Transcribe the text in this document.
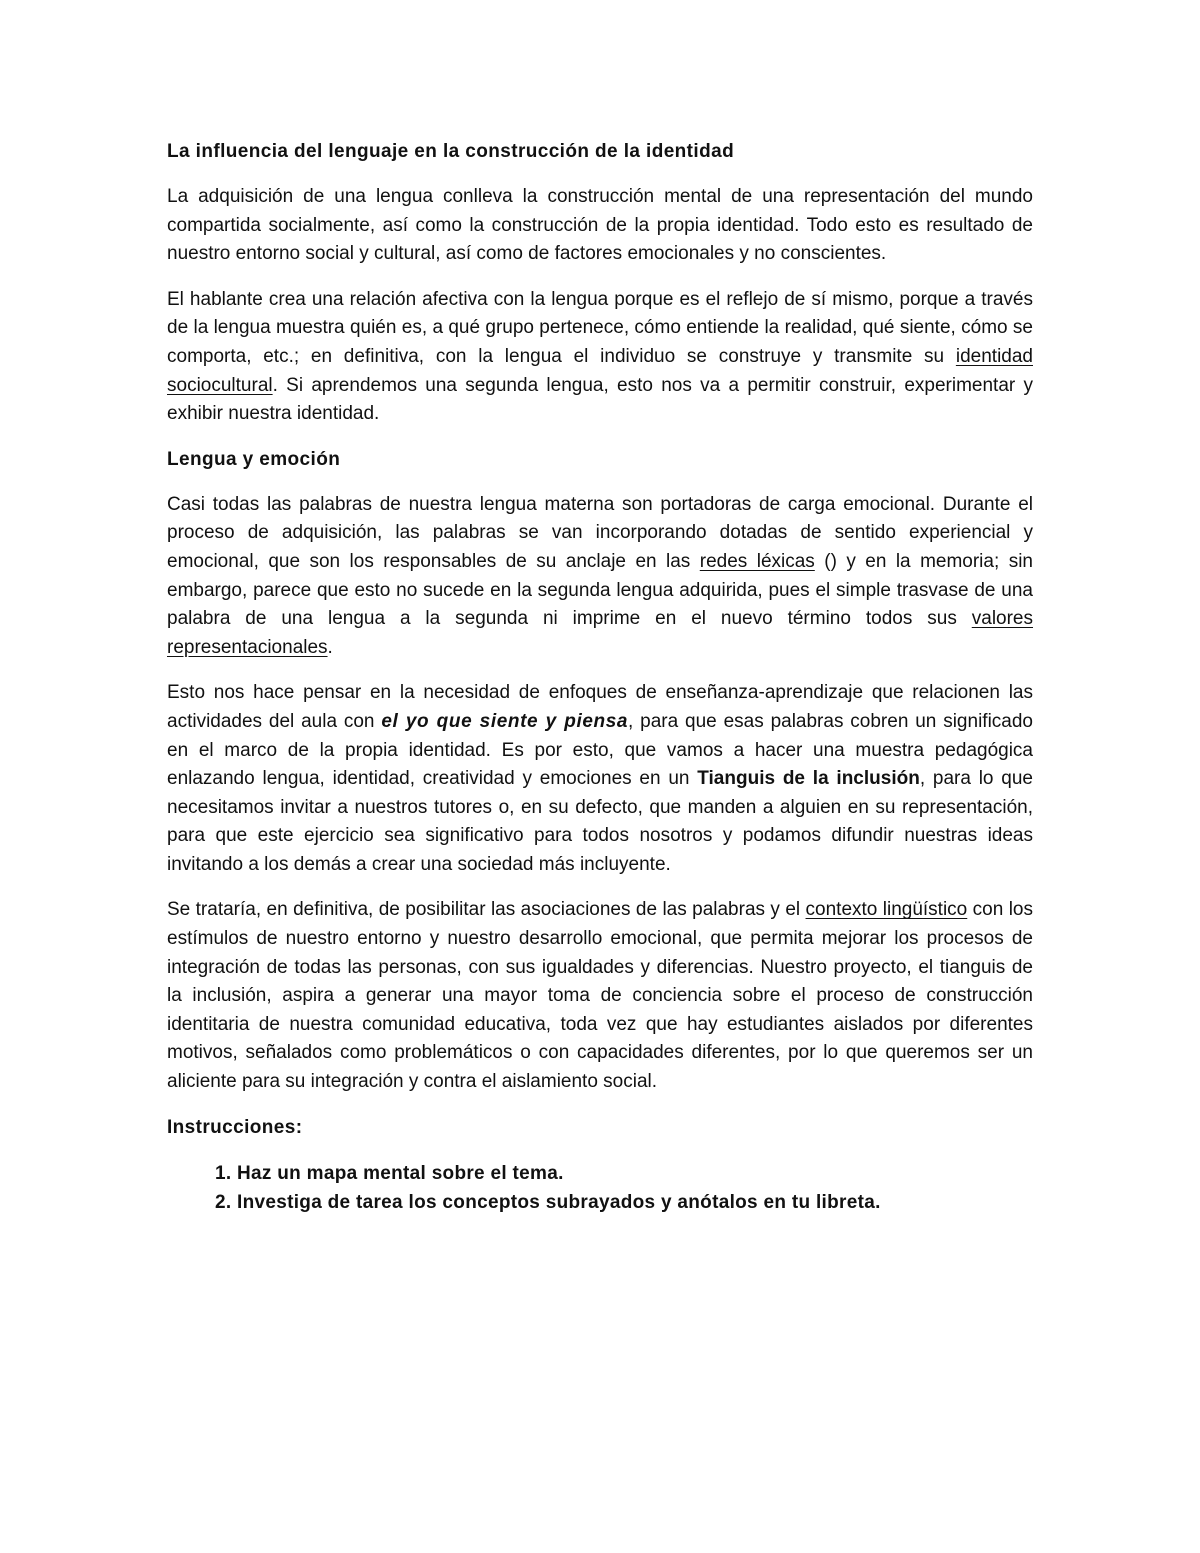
La influencia del lenguaje en la construcción de la identidad

La adquisición de una lengua conlleva la construcción mental de una representación del mundo compartida socialmente, así como la construcción de la propia identidad. Todo esto es resultado de nuestro entorno social y cultural, así como de factores emocionales y no conscientes.

El hablante crea una relación afectiva con la lengua porque es el reflejo de sí mismo, porque a través de la lengua muestra quién es, a qué grupo pertenece, cómo entiende la realidad, qué siente, cómo se comporta, etc.; en definitiva, con la lengua el individuo se construye y transmite su identidad sociocultural. Si aprendemos una segunda lengua, esto nos va a permitir construir, experimentar y exhibir nuestra identidad.

Lengua y emoción

Casi todas las palabras de nuestra lengua materna son portadoras de carga emocional. Durante el proceso de adquisición, las palabras se van incorporando dotadas de sentido experiencial y emocional, que son los responsables de su anclaje en las redes léxicas () y en la memoria; sin embargo, parece que esto no sucede en la segunda lengua adquirida, pues el simple trasvase de una palabra de una lengua a la segunda ni imprime en el nuevo término todos sus valores representacionales.

Esto nos hace pensar en la necesidad de enfoques de enseñanza-aprendizaje que relacionen las actividades del aula con el yo que siente y piensa, para que esas palabras cobren un significado en el marco de la propia identidad. Es por esto, que vamos a hacer una muestra pedagógica enlazando lengua, identidad, creatividad y emociones en un Tianguis de la inclusión, para lo que necesitamos invitar a nuestros tutores o, en su defecto, que manden a alguien en su representación, para que este ejercicio sea significativo para todos nosotros y podamos difundir nuestras ideas invitando a los demás a crear una sociedad más incluyente.

Se trataría, en definitiva, de posibilitar las asociaciones de las palabras y el contexto lingüístico con los estímulos de nuestro entorno y nuestro desarrollo emocional, que permita mejorar los procesos de integración de todas las personas, con sus igualdades y diferencias. Nuestro proyecto, el tianguis de la inclusión, aspira a generar una mayor toma de conciencia sobre el proceso de construcción identitaria de nuestra comunidad educativa, toda vez que hay estudiantes aislados por diferentes motivos, señalados como problemáticos o con capacidades diferentes, por lo que queremos ser un aliciente para su integración y contra el aislamiento social.

Instrucciones:
1. Haz un mapa mental sobre el tema.
2. Investiga de tarea los conceptos subrayados y anótalos en tu libreta.
